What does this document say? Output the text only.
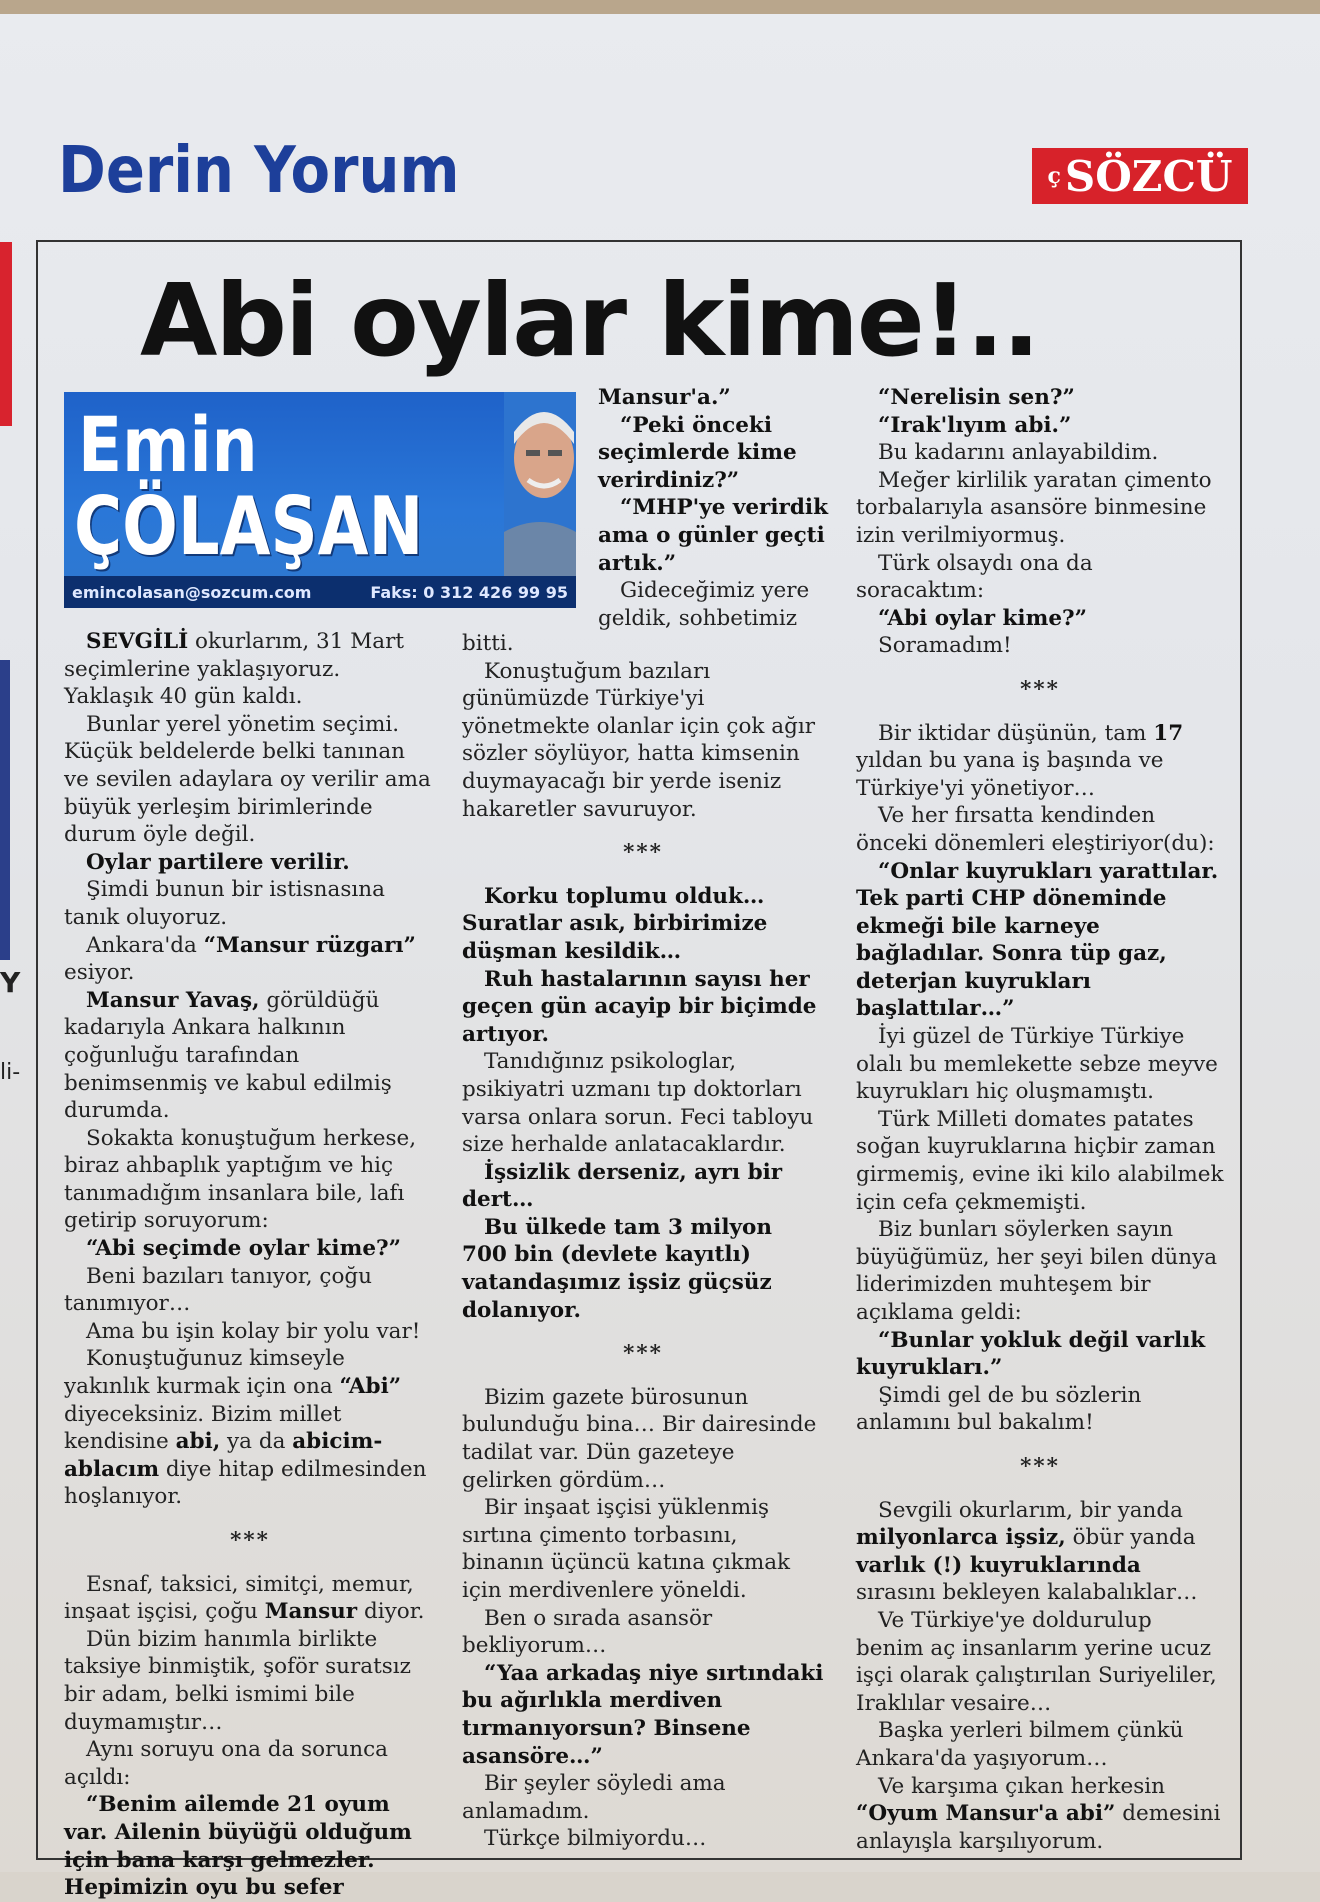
Y
li-
Derin Yorum	ç SÖZCÜ
Abi oylar kime!..
Emin
ÇÖLAŞAN
emincolasan@sozcum.com	Faks: 0 312 426 99 95

SEVGİLİ okurlarım, 31 Mart seçimlerine yaklaşıyoruz. Yaklaşık 40 gün kaldı.

Bunlar yerel yönetim seçimi. Küçük beldelerde belki tanınan ve sevilen adaylara oy verilir ama büyük yerleşim birimlerinde durum öyle değil.

Oylar partilere verilir.

Şimdi bunun bir istisnasına tanık oluyoruz.

Ankara'da “Mansur rüzgarı” esiyor.

Mansur Yavaş, görüldüğü kadarıyla Ankara halkının çoğunluğu tarafından benimsenmiş ve kabul edilmiş durumda.

Sokakta konuştuğum herkese, biraz ahbaplık yaptığım ve hiç tanımadığım insanlara bile, lafı getirip soruyorum:

“Abi seçimde oylar kime?”

Beni bazıları tanıyor, çoğu tanımıyor…

Ama bu işin kolay bir yolu var!

Konuştuğunuz kimseyle yakınlık kurmak için ona “Abi” diyeceksiniz. Bizim millet kendisine abi, ya da abicim-ablacım diye hitap edilmesinden hoşlanıyor.

***

Esnaf, taksici, simitçi, memur, inşaat işçisi, çoğu Mansur diyor.

Dün bizim hanımla birlikte taksiye binmiştik, şoför suratsız bir adam, belki ismimi bile duymamıştır…

Aynı soruyu ona da sorunca açıldı:

“Benim ailemde 21 oyum var. Ailenin büyüğü olduğum için bana karşı gelmezler. Hepimizin oyu bu sefer

Mansur'a.”

“Peki önceki seçimlerde kime verirdiniz?”

“MHP'ye verirdik ama o günler geçti artık.”

Gideceğimiz yere geldik, sohbetimiz

bitti.

Konuştuğum bazıları günümüzde Türkiye'yi yönetmekte olanlar için çok ağır sözler söylüyor, hatta kimsenin duymayacağı bir yerde iseniz hakaretler savuruyor.

***

Korku toplumu olduk… Suratlar asık, birbirimize düşman kesildik…

Ruh hastalarının sayısı her geçen gün acayip bir biçimde artıyor.

Tanıdığınız psikologlar, psikiyatri uzmanı tıp doktorları varsa onlara sorun. Feci tabloyu size herhalde anlatacaklardır.

İşsizlik derseniz, ayrı bir dert…

Bu ülkede tam 3 milyon 700 bin (devlete kayıtlı) vatandaşımız işsiz güçsüz dolanıyor.

***

Bizim gazete bürosunun bulunduğu bina… Bir dairesinde tadilat var. Dün gazeteye gelirken gördüm…

Bir inşaat işçisi yüklenmiş sırtına çimento torbasını, binanın üçüncü katına çıkmak için merdivenlere yöneldi.

Ben o sırada asansör bekliyorum…

“Yaa arkadaş niye sırtındaki bu ağırlıkla merdiven tırmanıyorsun? Binsene asansöre…”

Bir şeyler söyledi ama anlamadım.

Türkçe bilmiyordu…

“Nerelisin sen?”

“Irak'lıyım abi.”

Bu kadarını anlayabildim.

Meğer kirlilik yaratan çimento torbalarıyla asansöre binmesine izin verilmiyormuş.

Türk olsaydı ona da soracaktım:

“Abi oylar kime?”

Soramadım!

***

Bir iktidar düşünün, tam 17 yıldan bu yana iş başında ve Türkiye'yi yönetiyor…

Ve her fırsatta kendinden önceki dönemleri eleştiriyor(du):

“Onlar kuyrukları yarattılar. Tek parti CHP döneminde ekmeği bile karneye bağladılar. Sonra tüp gaz, deterjan kuyrukları başlattılar…”

İyi güzel de Türkiye Türkiye olalı bu memlekette sebze meyve kuyrukları hiç oluşmamıştı.

Türk Milleti domates patates soğan kuyruklarına hiçbir zaman girmemiş, evine iki kilo alabilmek için cefa çekmemişti.

Biz bunları söylerken sayın büyüğümüz, her şeyi bilen dünya liderimizden muhteşem bir açıklama geldi:

“Bunlar yokluk değil varlık kuyrukları.”

Şimdi gel de bu sözlerin anlamını bul bakalım!

***

Sevgili okurlarım, bir yanda milyonlarca işsiz, öbür yanda varlık (!) kuyruklarında sırasını bekleyen kalabalıklar…

Ve Türkiye'ye doldurulup benim aç insanlarım yerine ucuz işçi olarak çalıştırılan Suriyeliler, Iraklılar vesaire…

Başka yerleri bilmem çünkü Ankara'da yaşıyorum…

Ve karşıma çıkan herkesin “Oyum Mansur'a abi” demesini anlayışla karşılıyorum.
